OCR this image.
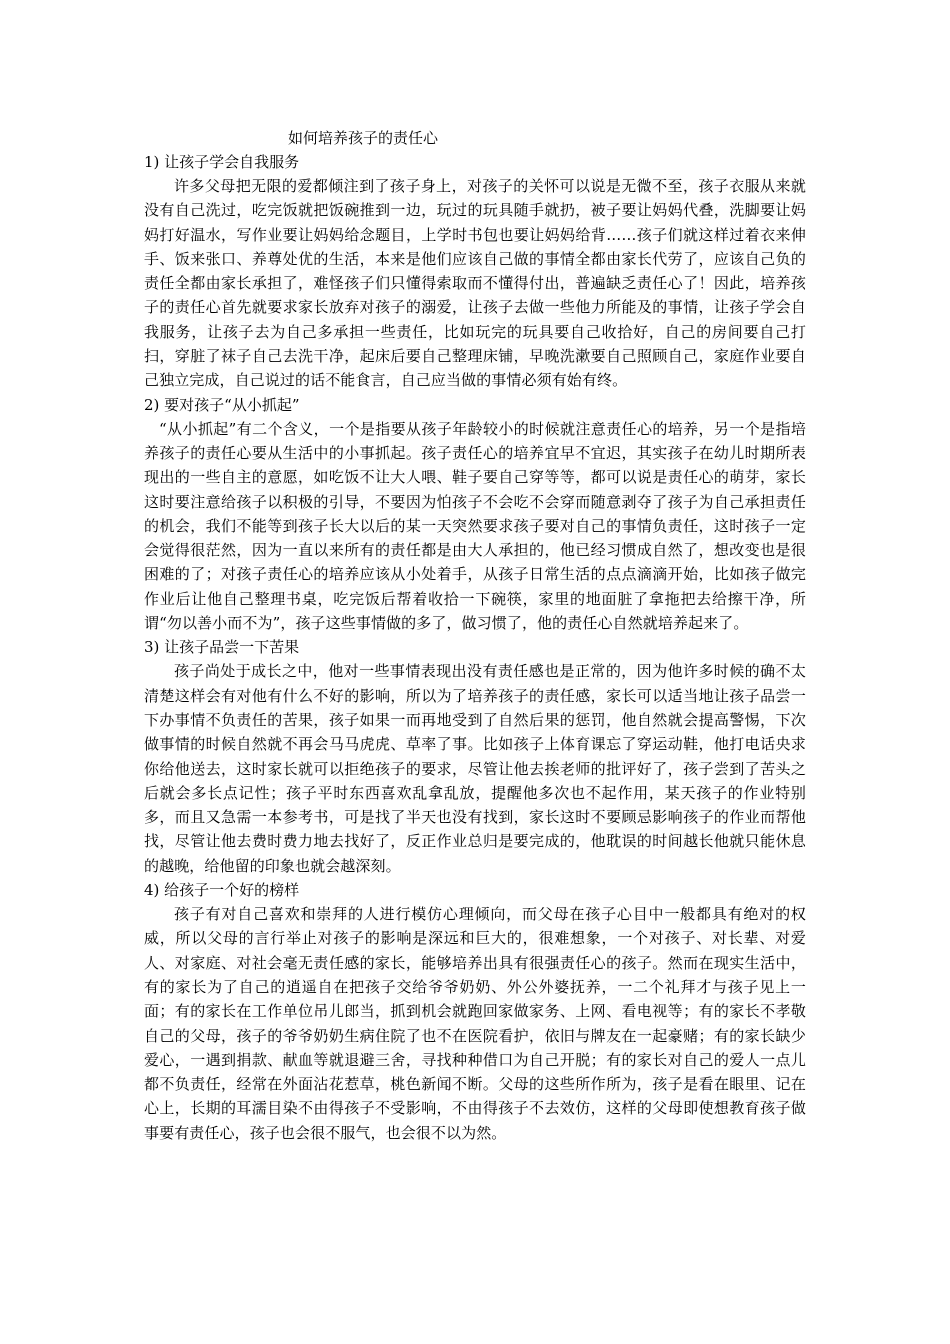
如何培养孩子的责任心
1) 让孩子学会自我服务

许多父母把无限的爱都倾注到了孩子身上，对孩子的关怀可以说是无微不至，孩子衣服从来就没有自己洗过，吃完饭就把饭碗推到一边，玩过的玩具随手就扔，被子要让妈妈代叠，洗脚要让妈妈打好温水，写作业要让妈妈给念题目，上学时书包也要让妈妈给背……孩子们就这样过着衣来伸手、饭来张口、养尊处优的生活，本来是他们应该自己做的事情全都由家长代劳了，应该自己负的责任全都由家长承担了，难怪孩子们只懂得索取而不懂得付出，普遍缺乏责任心了！因此，培养孩子的责任心首先就要求家长放弃对孩子的溺爱，让孩子去做一些他力所能及的事情，让孩子学会自我服务，让孩子去为自己多承担一些责任，比如玩完的玩具要自己收拾好，自己的房间要自己打扫，穿脏了袜子自己去洗干净，起床后要自己整理床铺，早晚洗漱要自己照顾自己，家庭作业要自己独立完成，自己说过的话不能食言，自己应当做的事情必须有始有终。

2) 要对孩子“从小抓起”

“从小抓起”有二个含义，一个是指要从孩子年龄较小的时候就注意责任心的培养，另一个是指培养孩子的责任心要从生活中的小事抓起。孩子责任心的培养宜早不宜迟，其实孩子在幼儿时期所表现出的一些自主的意愿，如吃饭不让大人喂、鞋子要自己穿等等，都可以说是责任心的萌芽，家长这时要注意给孩子以积极的引导，不要因为怕孩子不会吃不会穿而随意剥夺了孩子为自己承担责任的机会，我们不能等到孩子长大以后的某一天突然要求孩子要对自己的事情负责任，这时孩子一定会觉得很茫然，因为一直以来所有的责任都是由大人承担的，他已经习惯成自然了，想改变也是很困难的了；对孩子责任心的培养应该从小处着手，从孩子日常生活的点点滴滴开始，比如孩子做完作业后让他自己整理书桌，吃完饭后帮着收拾一下碗筷，家里的地面脏了拿拖把去给擦干净，所谓“勿以善小而不为”，孩子这些事情做的多了，做习惯了，他的责任心自然就培养起来了。

3) 让孩子品尝一下苦果

孩子尚处于成长之中，他对一些事情表现出没有责任感也是正常的，因为他许多时候的确不太清楚这样会有对他有什么不好的影响，所以为了培养孩子的责任感，家长可以适当地让孩子品尝一下办事情不负责任的苦果，孩子如果一而再地受到了自然后果的惩罚，他自然就会提高警惕，下次做事情的时候自然就不再会马马虎虎、草率了事。比如孩子上体育课忘了穿运动鞋，他打电话央求你给他送去，这时家长就可以拒绝孩子的要求，尽管让他去挨老师的批评好了，孩子尝到了苦头之后就会多长点记性；孩子平时东西喜欢乱拿乱放，提醒他多次也不起作用，某天孩子的作业特别多，而且又急需一本参考书，可是找了半天也没有找到，家长这时不要顾忌影响孩子的作业而帮他找，尽管让他去费时费力地去找好了，反正作业总归是要完成的，他耽误的时间越长他就只能休息的越晚，给他留的印象也就会越深刻。

4) 给孩子一个好的榜样

孩子有对自己喜欢和崇拜的人进行模仿心理倾向，而父母在孩子心目中一般都具有绝对的权威，所以父母的言行举止对孩子的影响是深远和巨大的，很难想象，一个对孩子、对长辈、对爱人、对家庭、对社会毫无责任感的家长，能够培养出具有很强责任心的孩子。然而在现实生活中，有的家长为了自己的逍遥自在把孩子交给爷爷奶奶、外公外婆抚养，一二个礼拜才与孩子见上一面；有的家长在工作单位吊儿郎当，抓到机会就跑回家做家务、上网、看电视等；有的家长不孝敬自己的父母，孩子的爷爷奶奶生病住院了也不在医院看护，依旧与牌友在一起豪赌；有的家长缺少爱心，一遇到捐款、献血等就退避三舍，寻找种种借口为自己开脱；有的家长对自己的爱人一点儿都不负责任，经常在外面沾花惹草，桃色新闻不断。父母的这些所作所为，孩子是看在眼里、记在心上，长期的耳濡目染不由得孩子不受影响，不由得孩子不去效仿，这样的父母即使想教育孩子做事要有责任心，孩子也会很不服气，也会很不以为然。
